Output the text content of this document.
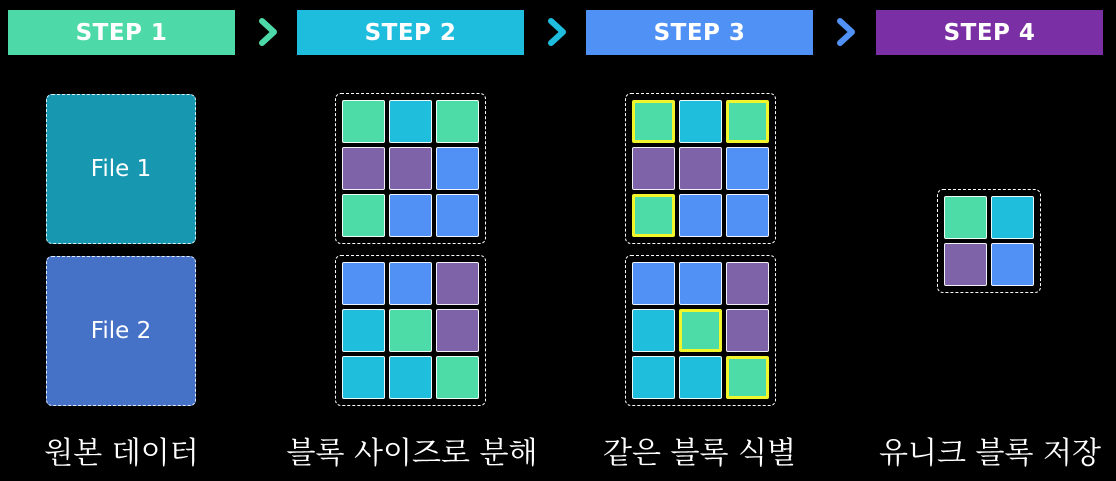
STEP 1	STEP 2	STEP 3	STEP 4
File 1
File 2
원본 데이터	블록 사이즈로 분해	같은 블록 식별	유니크 블록 저장
